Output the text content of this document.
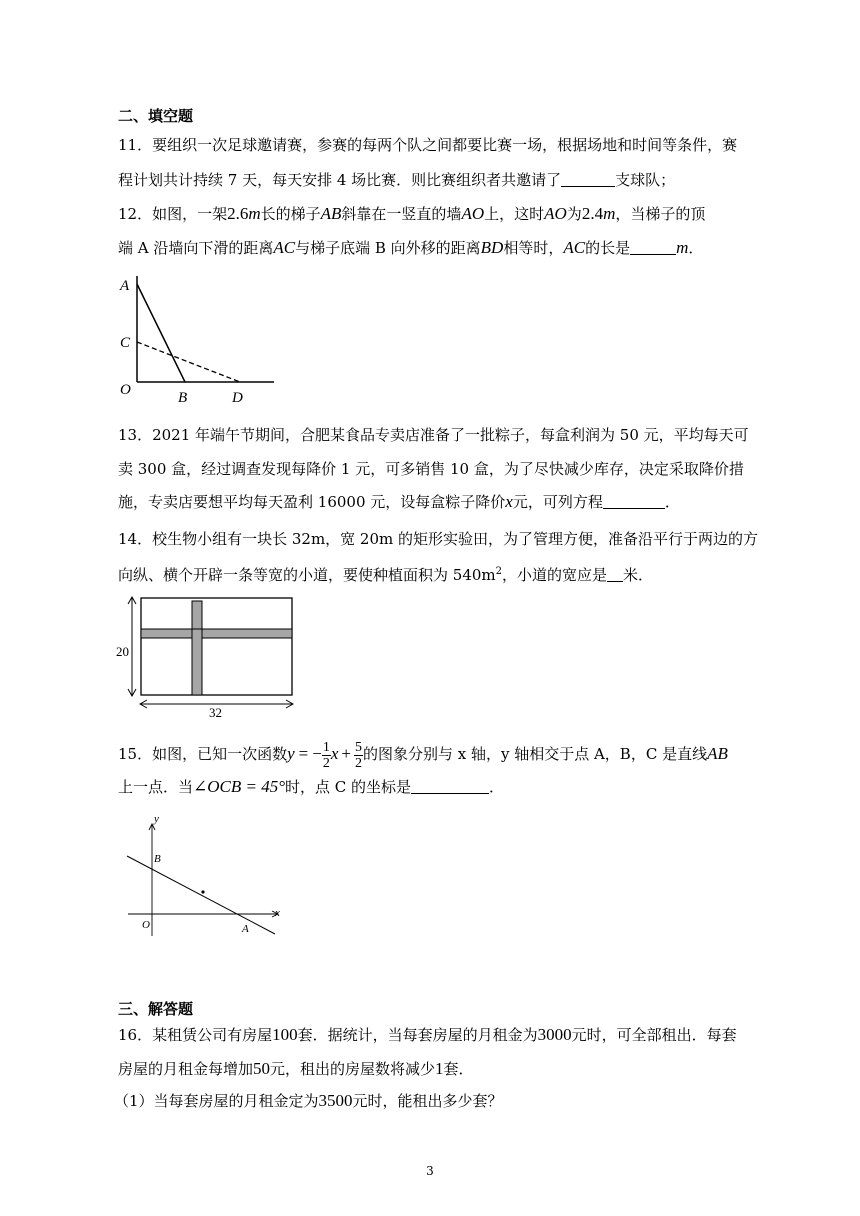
二、填空题
11．要组织一次足球邀请赛，参赛的每两个队之间都要比赛一场，根据场地和时间等条件，赛
程计划共计持续 7 天，每天安排 4 场比赛．则比赛组织者共邀请了	支球队；
12．如图，一架2.6m长的梯子AB斜靠在一竖直的墙AO上，这时AO为2.4m，当梯子的顶
端 A 沿墙向下滑的距离AC与梯子底端 B 向外移的距离BD相等时，AC的长是	m．
A
C
O	B	D
13．2021 年端午节期间，合肥某食品专卖店准备了一批粽子，每盒利润为 50 元，平均每天可
卖 300 盒，经过调查发现每降价 1 元，可多销售 10 盒，为了尽快减少库存，决定采取降价措
施，专卖店要想平均每天盈利 16000 元，设每盒粽子降价x元，可列方程	．
14．校生物小组有一块长 32m，宽 20m 的矩形实验田，为了管理方便，准备沿平行于两边的方
向纵、横个开辟一条等宽的小道，要使种植面积为 $540m^2$，小道的宽应是 米．
20
32
15．如图，已知一次函数y = − $\frac{1}{2}$ $x + \frac{5}{2}$ 的图象分别与 x 轴，y 轴相交于点 A，B，C 是直线AB
上一点．当∠OCB = 45°时，点 C 的坐标是	．
y
x
B
O	A
三、解答题
16．某租赁公司有房屋100套．据统计，当每套房屋的月租金为3000元时，可全部租出．每套
房屋的月租金每增加50元，租出的房屋数将减少1套．
（1）当每套房屋的月租金定为3500元时，能租出多少套？
3
